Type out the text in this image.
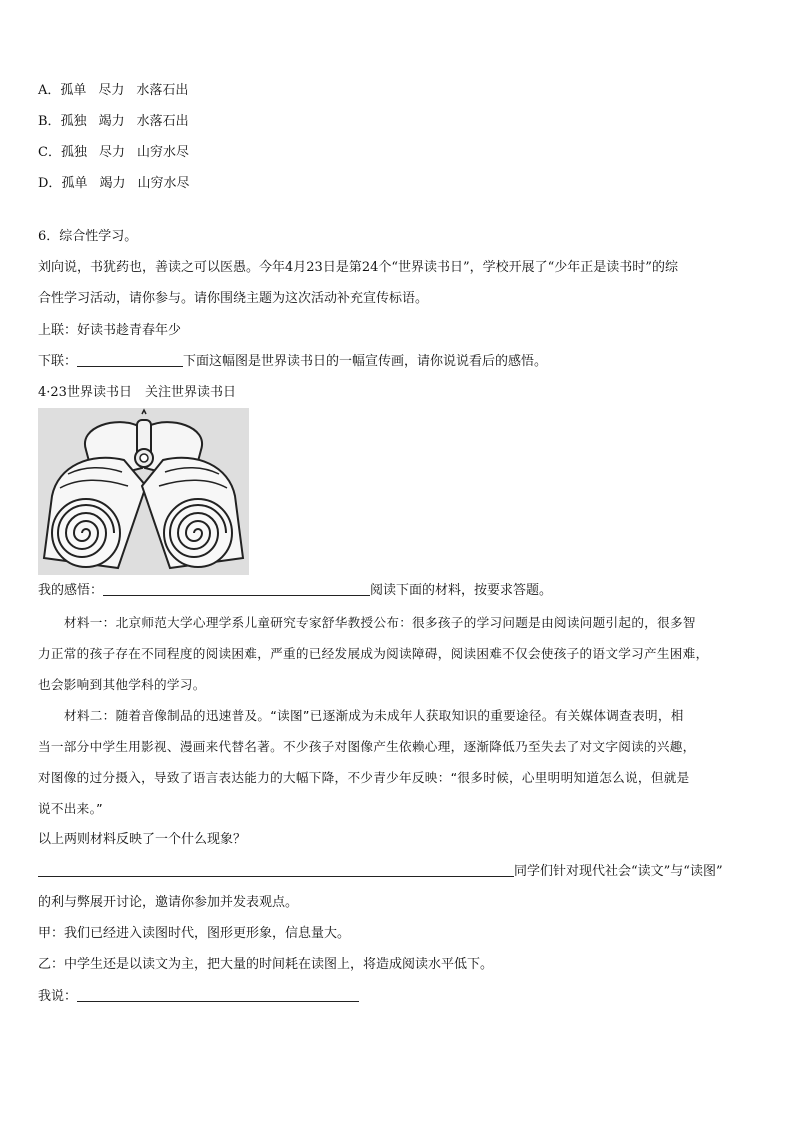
A．孤单 尽力 水落石出
B．孤独 竭力 水落石出
C．孤独 尽力 山穷水尽
D．孤单 竭力 山穷水尽
6．综合性学习。
刘向说，书犹药也，善读之可以医愚。今年4月23日是第24个“世界读书日”，学校开展了“少年正是读书时”的综
合性学习活动，请你参与。请你围绕主题为这次活动补充宣传标语。
上联：好读书趁青春年少
下联：	下面这幅图是世界读书日的一幅宣传画，请你说说看后的感悟。
4·23世界读书日　关注世界读书日
我的感悟：	阅读下面的材料，按要求答题。
材料一：北京师范大学心理学系儿童研究专家舒华教授公布：很多孩子的学习问题是由阅读问题引起的，很多智
力正常的孩子存在不同程度的阅读困难，严重的已经发展成为阅读障碍，阅读困难不仅会使孩子的语文学习产生困难，
也会影响到其他学科的学习。
材料二：随着音像制品的迅速普及。“读图”已逐渐成为未成年人获取知识的重要途径。有关媒体调查表明，相
当一部分中学生用影视、漫画来代替名著。不少孩子对图像产生依赖心理，逐渐降低乃至失去了对文字阅读的兴趣，
对图像的过分摄入，导致了语言表达能力的大幅下降，不少青少年反映：“很多时候，心里明明知道怎么说，但就是
说不出来。”
以上两则材料反映了一个什么现象？
同学们针对现代社会“读文”与“读图”
的利与弊展开讨论，邀请你参加并发表观点。
甲：我们已经进入读图时代，图形更形象，信息量大。
乙：中学生还是以读文为主，把大量的时间耗在读图上，将造成阅读水平低下。
我说：
